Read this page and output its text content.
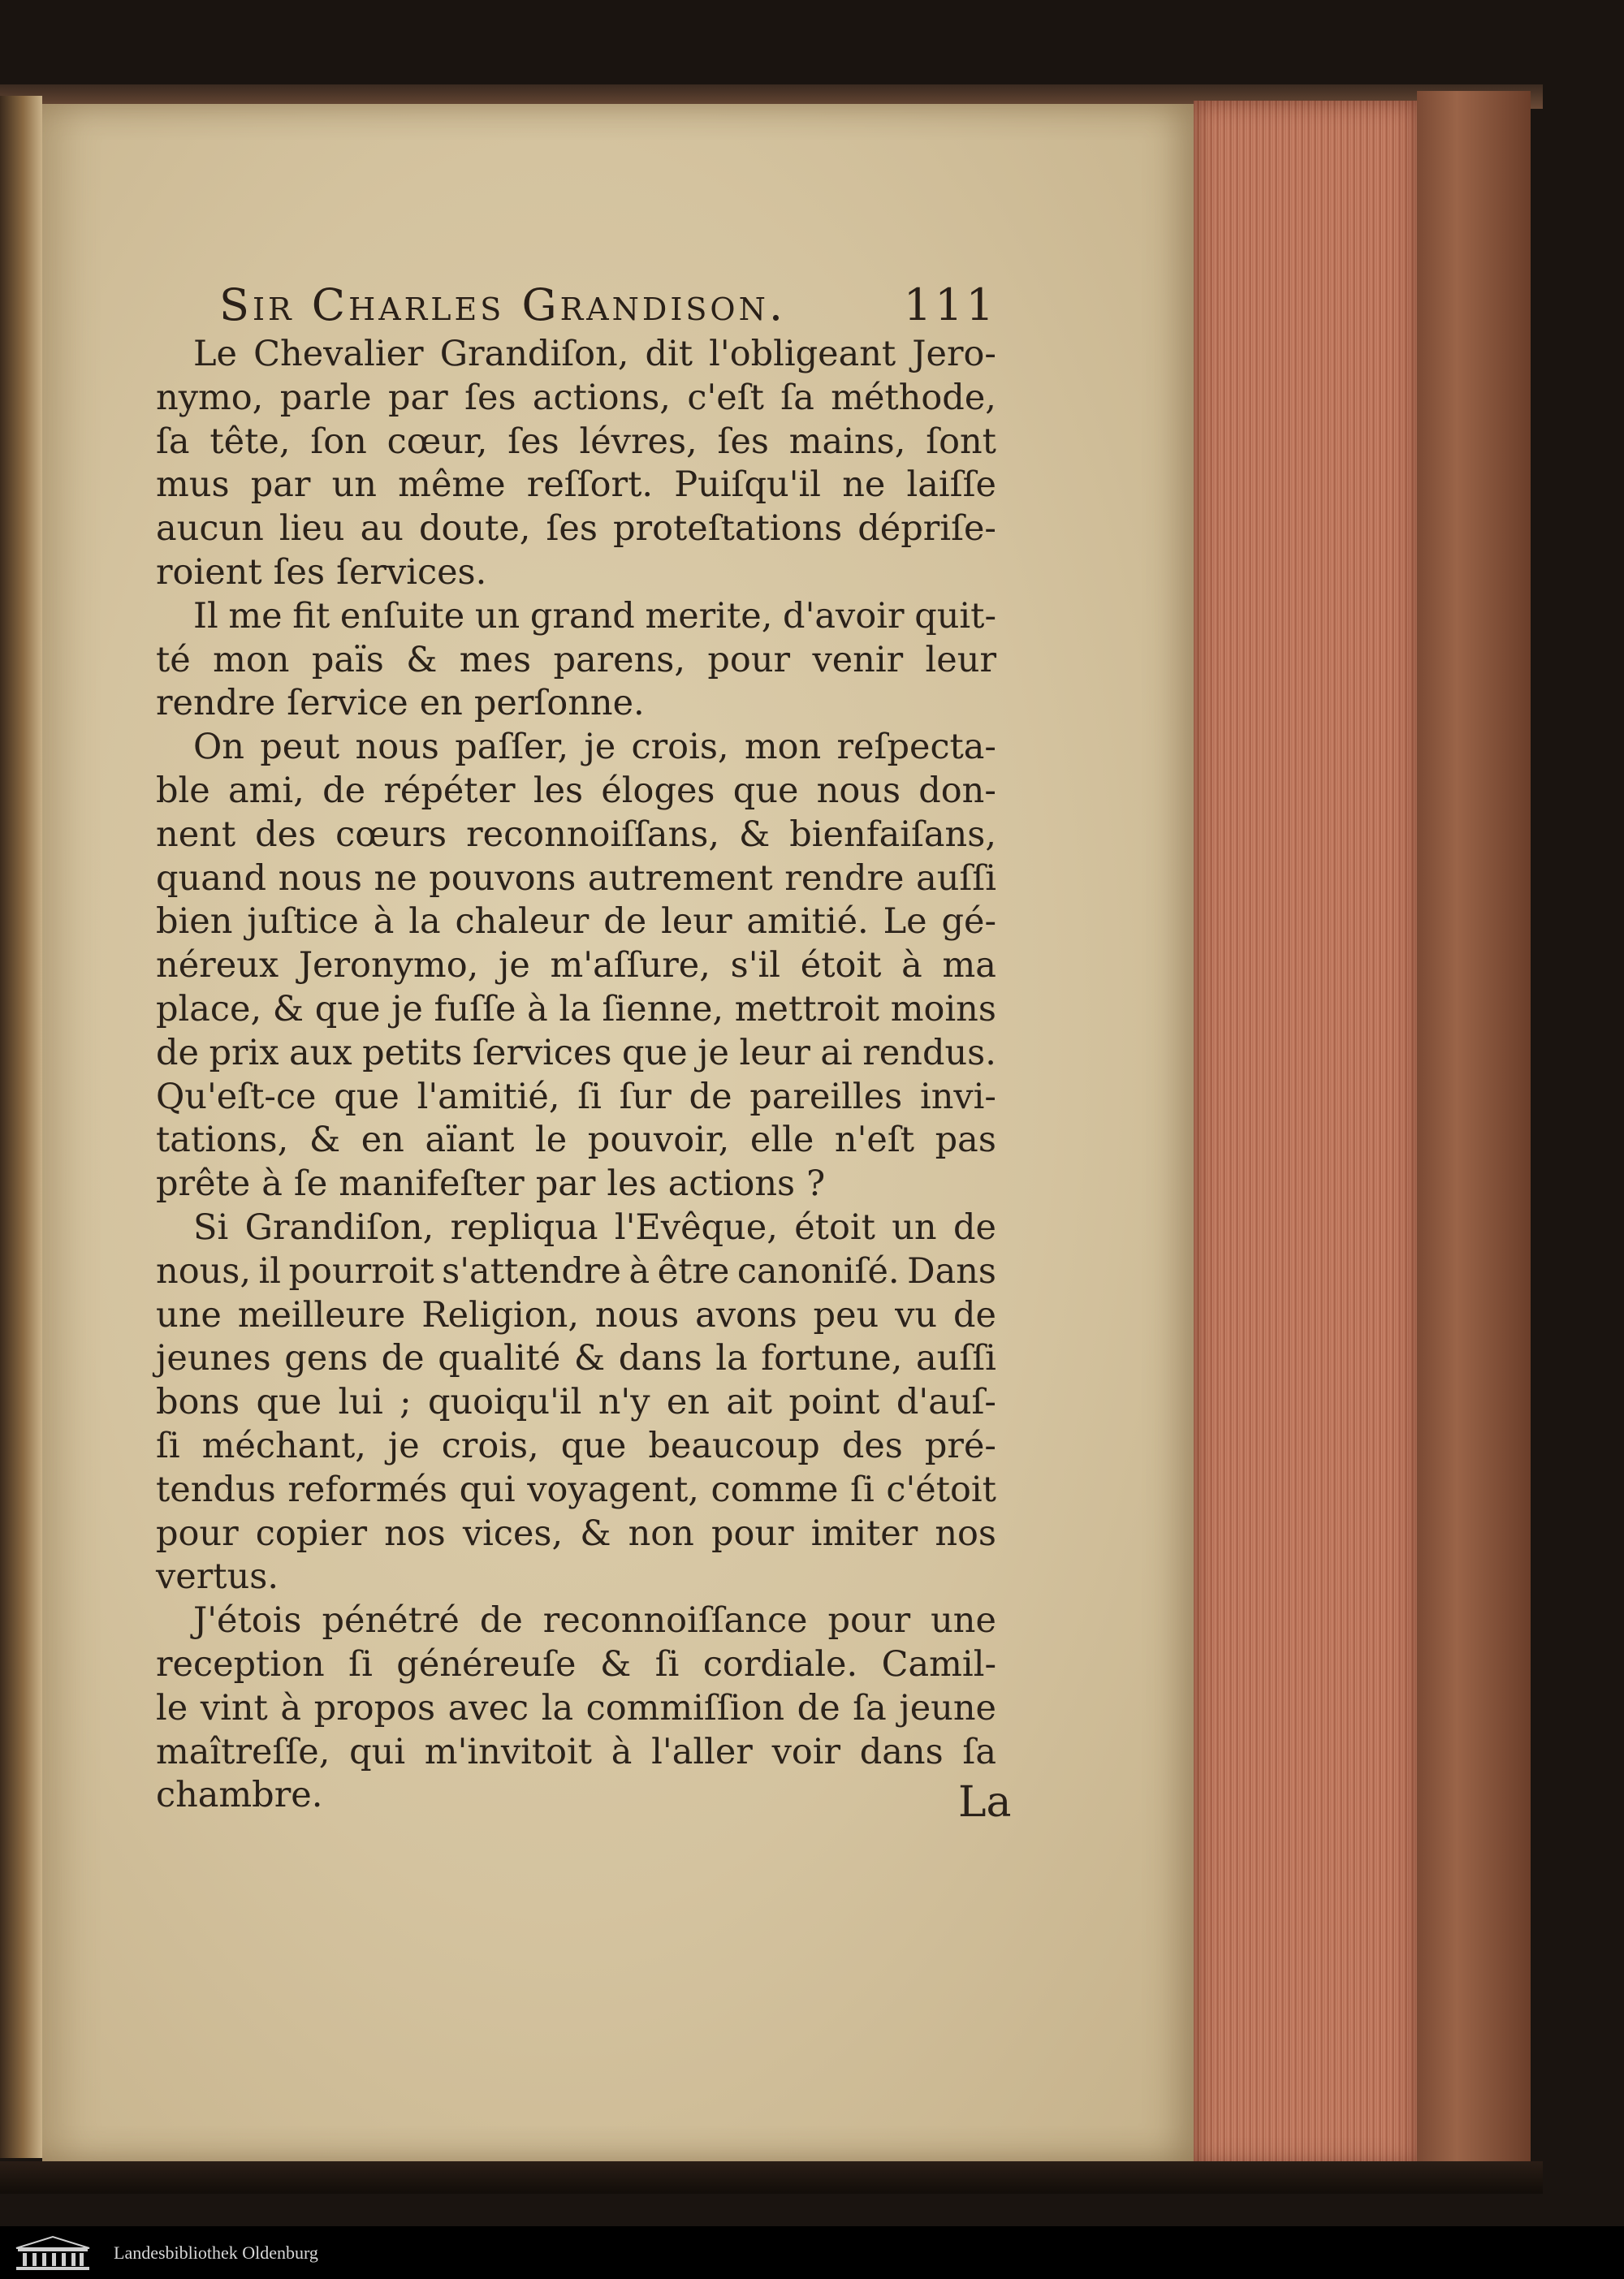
Sir Charles Grandison.	111
Le Chevalier Grandiſon, dit l'obligeant Jero-
nymo, parle par ſes actions, c'eſt ſa méthode,
ſa tête, ſon cœur, ſes lévres, ſes mains, ſont
mus par un même reſſort. Puiſqu'il ne laiſſe
aucun lieu au doute, ſes proteſtations dépriſe-
roient ſes ſervices.
Il me fit enſuite un grand merite, d'avoir quit-
té mon païs & mes parens, pour venir leur
rendre ſervice en perſonne.
On peut nous paſſer, je crois, mon reſpecta-
ble ami, de répéter les éloges que nous don-
nent des cœurs reconnoiſſans, & bienfaiſans,
quand nous ne pouvons autrement rendre auſſi
bien juſtice à la chaleur de leur amitié. Le gé-
néreux Jeronymo, je m'aſſure, s'il étoit à ma
place, & que je fuſſe à la ſienne, mettroit moins
de prix aux petits ſervices que je leur ai rendus.
Qu'eſt-ce que l'amitié, ſi ſur de pareilles invi-
tations, & en aïant le pouvoir, elle n'eſt pas
prête à ſe manifeſter par les actions ?
Si Grandiſon, repliqua l'Evêque, étoit un de
nous, il pourroit s'attendre à être canoniſé. Dans
une meilleure Religion, nous avons peu vu de
jeunes gens de qualité & dans la fortune, auſſi
bons que lui ; quoiqu'il n'y en ait point d'auſ-
ſi méchant, je crois, que beaucoup des pré-
tendus reformés qui voyagent, comme ſi c'étoit
pour copier nos vices, & non pour imiter nos
vertus.
J'étois pénétré de reconnoiſſance pour une
reception ſi généreuſe & ſi cordiale. Camil-
le vint à propos avec la commiſſion de ſa jeune
maîtreſſe, qui m'invitoit à l'aller voir dans ſa
chambre.	La
Landesbibliothek Oldenburg
